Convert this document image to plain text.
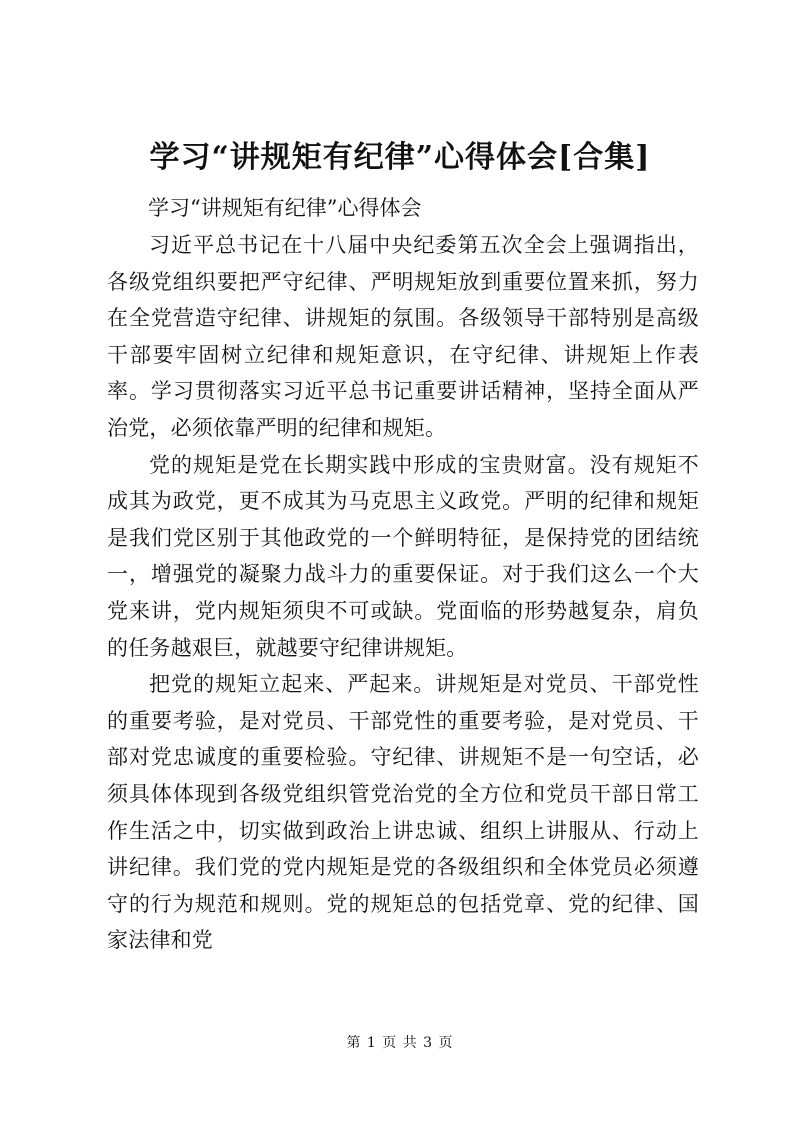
学习“讲规矩有纪律”心得体会[合集]

学习“讲规矩有纪律”心得体会

习近平总书记在十八届中央纪委第五次全会上强调指出，各级党组织要把严守纪律、严明规矩放到重要位置来抓，努力在全党营造守纪律、讲规矩的氛围。各级领导干部特别是高级干部要牢固树立纪律和规矩意识，在守纪律、讲规矩上作表率。学习贯彻落实习近平总书记重要讲话精神，坚持全面从严治党，必须依靠严明的纪律和规矩。

党的规矩是党在长期实践中形成的宝贵财富。没有规矩不成其为政党，更不成其为马克思主义政党。严明的纪律和规矩是我们党区别于其他政党的一个鲜明特征，是保持党的团结统一，增强党的凝聚力战斗力的重要保证。对于我们这么一个大党来讲，党内规矩须臾不可或缺。党面临的形势越复杂，肩负的任务越艰巨，就越要守纪律讲规矩。

把党的规矩立起来、严起来。讲规矩是对党员、干部党性的重要考验，是对党员、干部党性的重要考验，是对党员、干部对党忠诚度的重要检验。守纪律、讲规矩不是一句空话，必须具体体现到各级党组织管党治党的全方位和党员干部日常工作生活之中，切实做到政治上讲忠诚、组织上讲服从、行动上讲纪律。我们党的党内规矩是党的各级组织和全体党员必须遵守的行为规范和规则。党的规矩总的包括党章、党的纪律、国家法律和党

第 1 页 共 3 页
